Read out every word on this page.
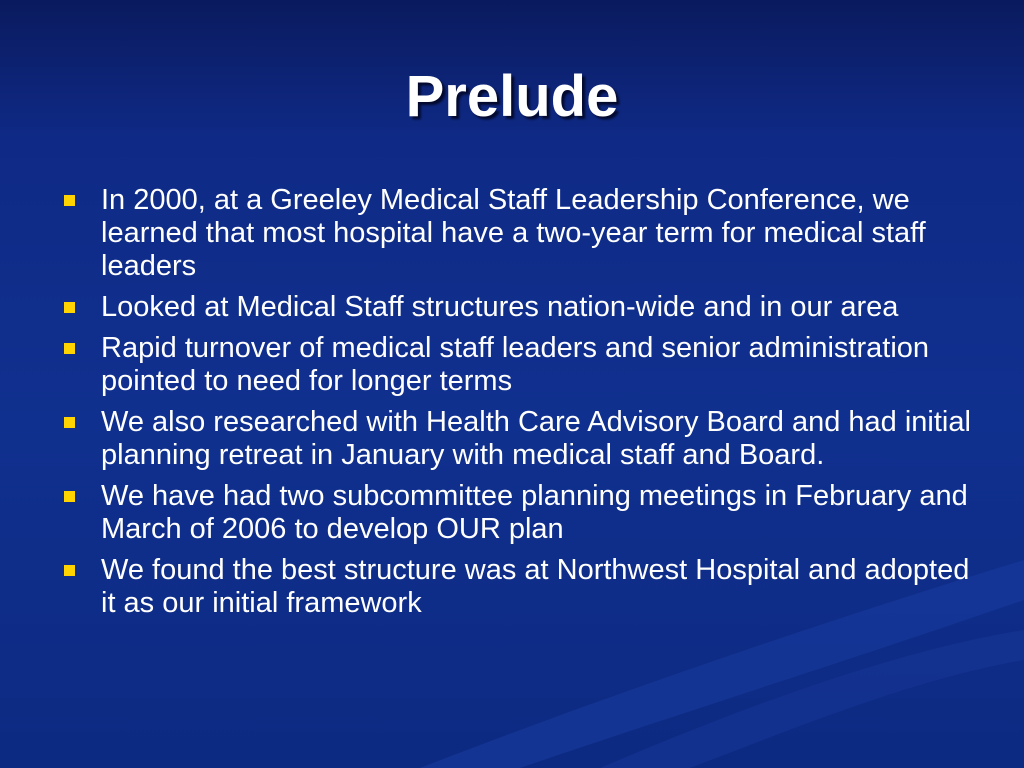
Prelude
In 2000, at a Greeley Medical Staff Leadership Conference, we learned that most hospital have a two-year term for medical staff leaders
Looked at Medical Staff structures nation-wide and in our area
Rapid turnover of medical staff leaders and senior administration pointed to need for longer terms
We also researched with Health Care Advisory Board and had initial planning retreat in January with medical staff and Board.
We have had two subcommittee planning meetings in February and March of 2006 to develop OUR plan
We found the best structure was at Northwest Hospital and adopted it as our initial framework
